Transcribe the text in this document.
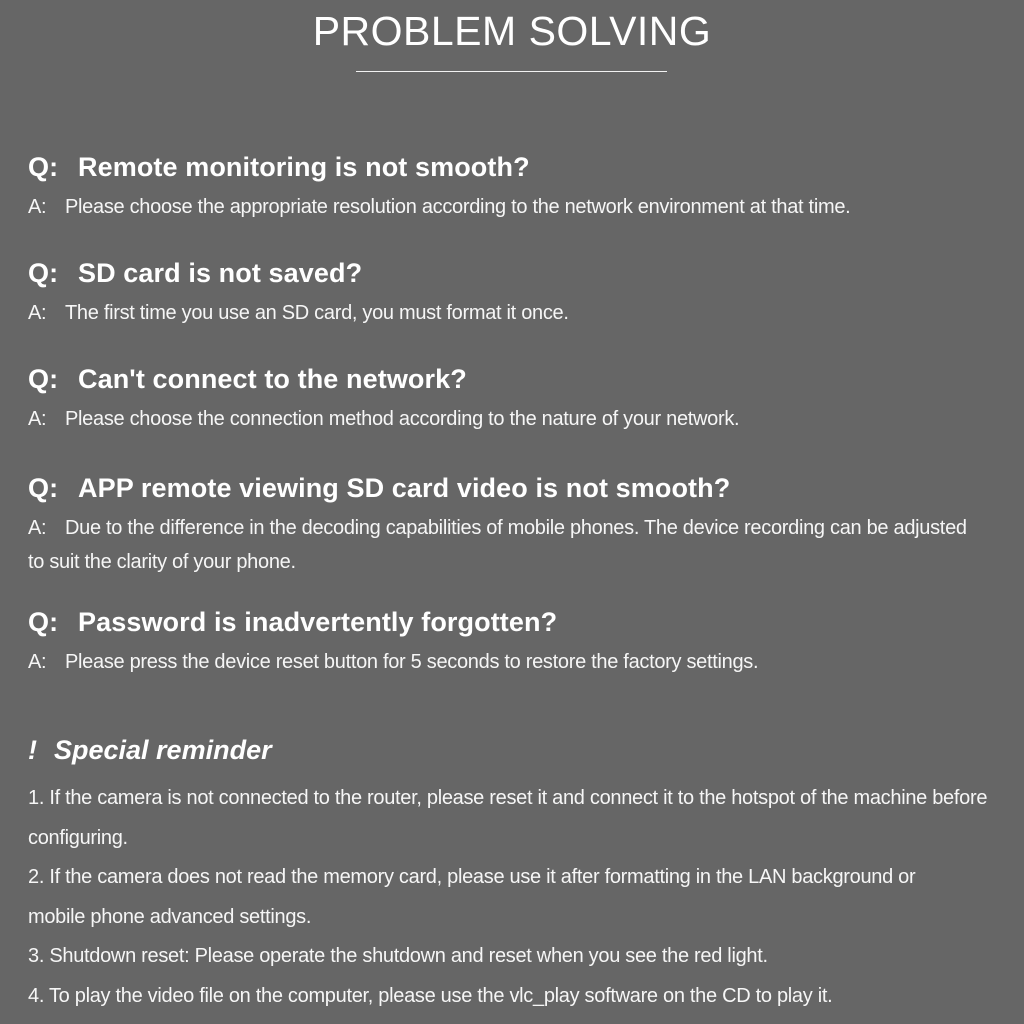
PROBLEM SOLVING

Q: Remote monitoring is not smooth?

A: Please choose the appropriate resolution according to the network environment at that time.

Q: SD card is not saved?

A: The first time you use an SD card, you must format it once.

Q: Can't connect to the network?

A: Please choose the connection method according to the nature of your network.

Q: APP remote viewing SD card video is not smooth?

A: Due to the difference in the decoding capabilities of mobile phones. The device recording can be adjusted to suit the clarity of your phone.

Q: Password is inadvertently forgotten?

A: Please press the device reset button for 5 seconds to restore the factory settings.

! Special reminder
1. If the camera is not connected to the router, please reset it and connect it to the hotspot of the machine before configuring.
2. If the camera does not read the memory card, please use it after formatting in the LAN background or mobile phone advanced settings.
3. Shutdown reset: Please operate the shutdown and reset when you see the red light.
4. To play the video file on the computer, please use the vlc_play software on the CD to play it.
